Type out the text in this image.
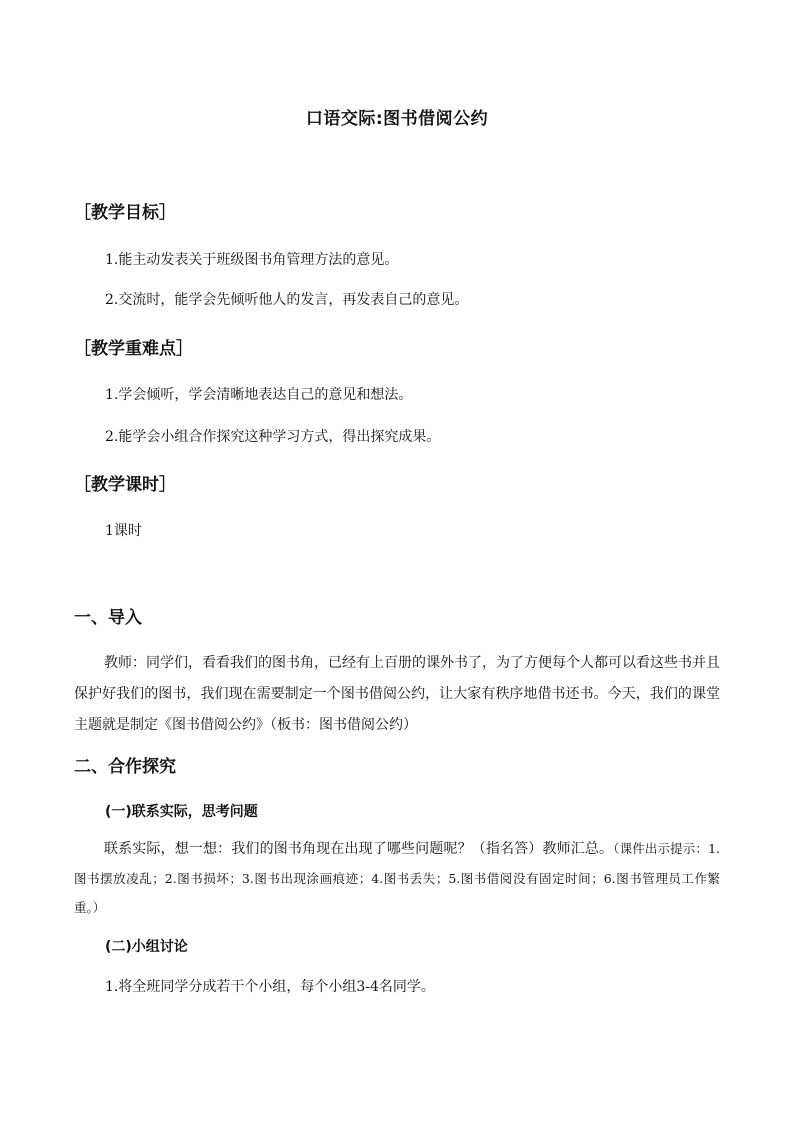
口语交际:图书借阅公约

［教学目标］

1.能主动发表关于班级图书角管理方法的意见。

2.交流时，能学会先倾听他人的发言，再发表自己的意见。

［教学重难点］

1.学会倾听，学会清晰地表达自己的意见和想法。

2.能学会小组合作探究这种学习方式，得出探究成果。

［教学课时］

1课时

一、导入

教师：同学们，看看我们的图书角，已经有上百册的课外书了，为了方便每个人都可以看这些书并且保护好我们的图书，我们现在需要制定一个图书借阅公约，让大家有秩序地借书还书。今天，我们的课堂主题就是制定《图书借阅公约》（板书：图书借阅公约）

二、合作探究

(一)联系实际，思考问题

联系实际，想一想：我们的图书角现在出现了哪些问题呢？（指名答）教师汇总。（课件出示提示：1.图书摆放凌乱；2.图书损坏；3.图书出现涂画痕迹；4.图书丢失；5.图书借阅没有固定时间；6.图书管理员工作繁重。）

(二)小组讨论

1.将全班同学分成若干个小组，每个小组3-4名同学。
